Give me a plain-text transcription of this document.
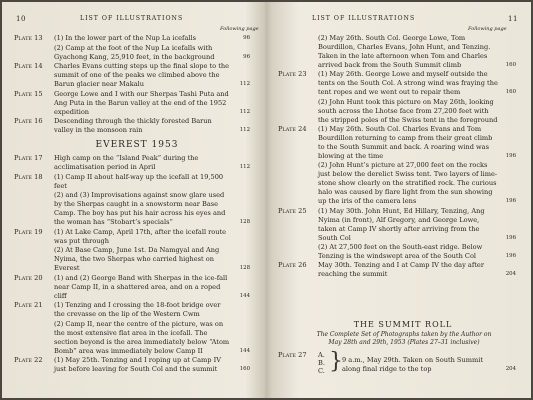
10	LIST OF ILLUSTRATIONS
Following page
Plate 13 (1) In the lower part of the Nup La icefalls	96
(2) Camp at the foot of the Nup La icefalls with Gyachong Kang, 25,910 feet, in the background	96
Plate 14 Charles Evans cutting steps up the final slope to the summit of one of the peaks we climbed above the Barun glacier near Makalu	112
Plate 15 George Lowe and I with our Sherpas Tashi Puta and Ang Puta in the Barun valley at the end of the 1952 expedition	112
Plate 16 Descending through the thickly forested Barun valley in the monsoon rain	112
EVEREST 1953
Plate 17 High camp on the “Island Peak” during the acclimatisation period in April	112
Plate 18 (1) Camp II about half-way up the icefall at 19,500 feet
(2) and (3) Improvisations against snow glare used by the Sherpas caught in a snowstorm near Base Camp. The boy has put his hair across his eyes and the woman has “Stobart’s specials”	128
Plate 19 (1) At Lake Camp, April 17th, after the icefall route was put through
(2) At Base Camp, June 1st. Da Namgyal and Ang Nyima, the two Sherpas who carried highest on Everest	128
Plate 20 (1) and (2) George Band with Sherpas in the ice-fall near Camp II, in a shattered area, and on a roped cliff	144
Plate 21 (1) Tenzing and I crossing the 18-foot bridge over the crevasse on the lip of the Western Cwm
(2) Camp II, near the centre of the picture, was on the most extensive flat area in the icefall. The section beyond is the area immediately below “Atom Bomb” area was immediately below Camp II	144
Plate 22 (1) May 25th. Tenzing and I roping up at Camp IV just before leaving for South Col and the summit	160
LIST OF ILLUSTRATIONS	11
Following page
(2) May 26th. South Col. George Lowe, Tom Bourdillon, Charles Evans, John Hunt, and Tenzing. Taken in the late afternoon when Tom and Charles arrived back from the South Summit climb	160
Plate 23 (1) May 26th. George Lowe and myself outside the tents on the South Col. A strong wind was fraying the tent ropes and we went out to repair them	160
(2) John Hunt took this picture on May 26th, looking south across the Lhotse face from 27,200 feet with the stripped poles of the Swiss tent in the foreground
Plate 24 (1) May 26th. South Col. Charles Evans and Tom Bourdillon returning to camp from their great climb to the South Summit and back. A roaring wind was blowing at the time	196
(2) John Hunt’s picture at 27,000 feet on the rocks just below the derelict Swiss tent. Two layers of lime-stone show clearly on the stratified rock. The curious halo was caused by flare light from the sun showing up the iris of the camera lens	196
Plate 25 (1) May 30th. John Hunt, Ed Hillary, Tenzing, Ang Nyima (in front), Alf Gregory, and George Lowe, taken at Camp IV shortly after arriving from the South Col	196
(2) At 27,500 feet on the South-east ridge. Below Tenzing is the windswept area of the South Col	196
Plate 26 May 30th. Tenzing and I at Camp IV the day after reaching the summit	204
THE SUMMIT ROLL
The Complete Set of Photographs taken by the Author on
May 28th and 29th, 1953 (Plates 27–31 inclusive)
Plate 27 A.
B.
C. } 9 a.m., May 29th. Taken on South Summit along final ridge to the top	204
